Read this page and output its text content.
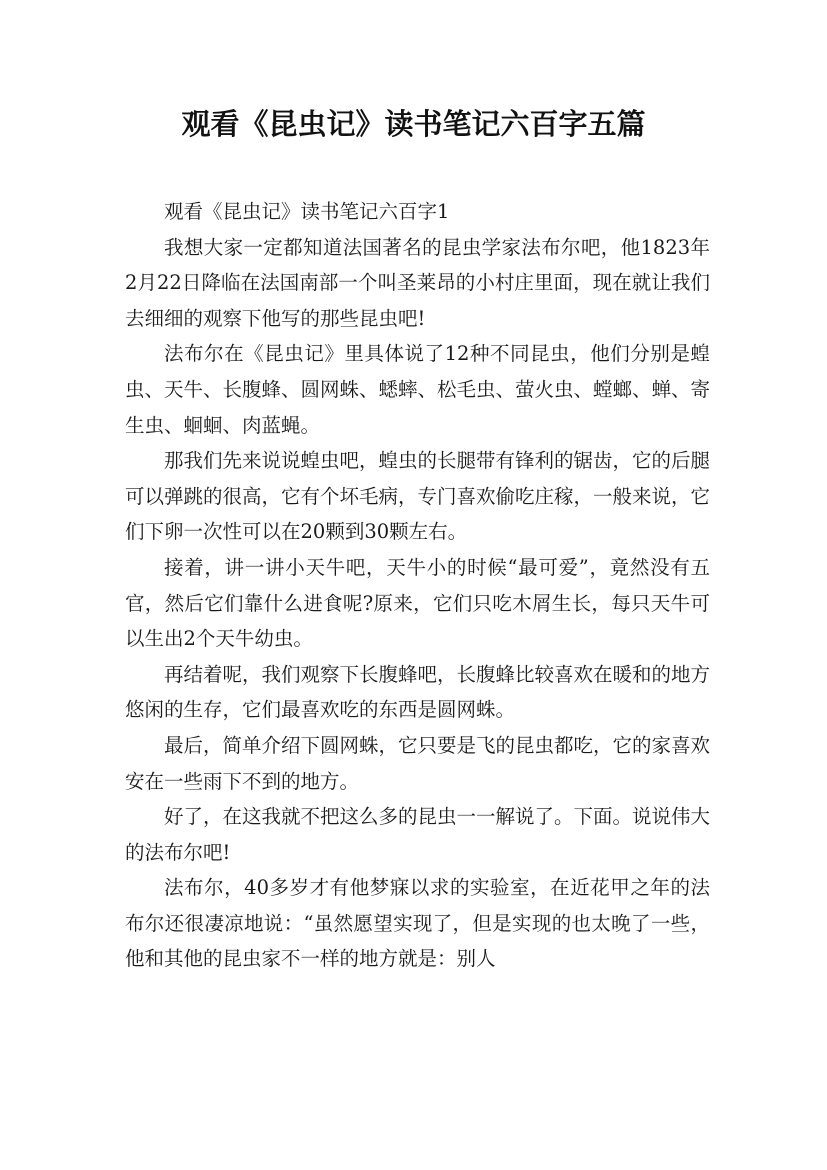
观看《昆虫记》读书笔记六百字五篇

观看《昆虫记》读书笔记六百字1

我想大家一定都知道法国著名的昆虫学家法布尔吧，他1823年2月22日降临在法国南部一个叫圣莱昂的小村庄里面，现在就让我们去细细的观察下他写的那些昆虫吧!

法布尔在《昆虫记》里具体说了12种不同昆虫，他们分别是蝗虫、天牛、长腹蜂、圆网蛛、蟋蟀、松毛虫、萤火虫、螳螂、蝉、寄生虫、蛔蛔、肉蓝蝇。

那我们先来说说蝗虫吧，蝗虫的长腿带有锋利的锯齿，它的后腿可以弹跳的很高，它有个坏毛病，专门喜欢偷吃庄稼，一般来说，它们下卵一次性可以在20颗到30颗左右。

接着，讲一讲小天牛吧，天牛小的时候“最可爱”，竟然没有五官，然后它们靠什么进食呢?原来，它们只吃木屑生长，每只天牛可以生出2个天牛幼虫。

再结着呢，我们观察下长腹蜂吧，长腹蜂比较喜欢在暖和的地方悠闲的生存，它们最喜欢吃的东西是圆网蛛。

最后，简单介绍下圆网蛛，它只要是飞的昆虫都吃，它的家喜欢安在一些雨下不到的地方。

好了，在这我就不把这么多的昆虫一一解说了。下面。说说伟大的法布尔吧!

法布尔，40多岁才有他梦寐以求的实验室，在近花甲之年的法布尔还很凄凉地说：“虽然愿望实现了，但是实现的也太晚了一些，他和其他的昆虫家不一样的地方就是：别人
